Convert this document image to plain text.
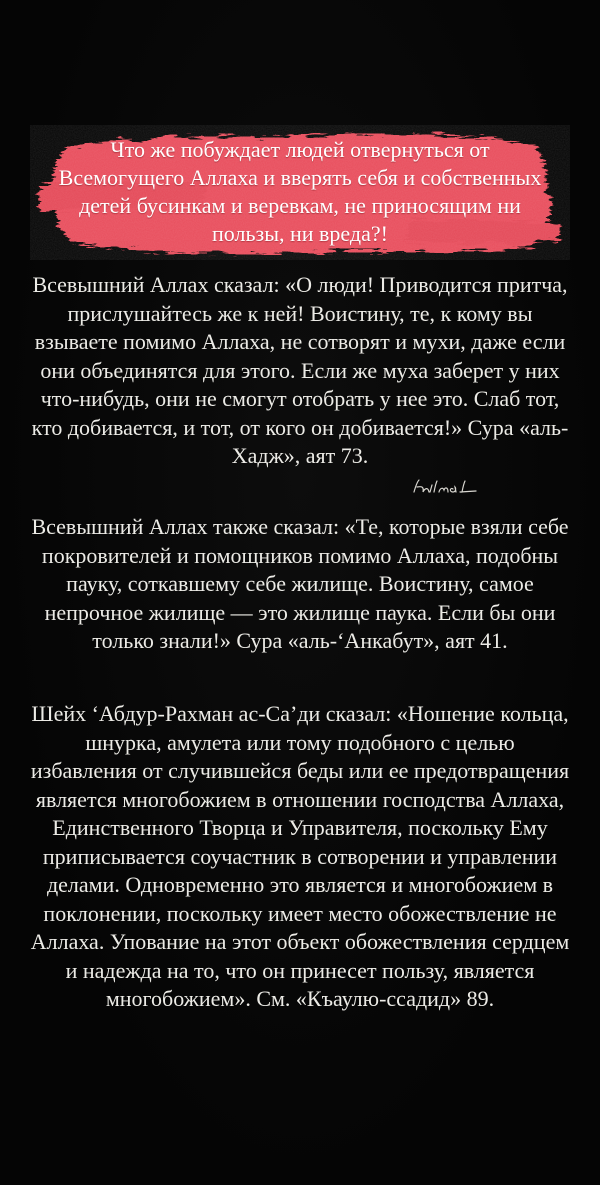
Что же побуждает людей отвернуться от Всемогущего Аллаха и вверять себя и собственных детей бусинкам и веревкам, не приносящим ни пользы, ни вреда?!

Всевышний Аллах сказал: «О люди! Приводится притча, прислушайтесь же к ней! Воистину, те, к кому вы взываете помимо Аллаха, не сотворят и мухи, даже если они объединятся для этого. Если же муха заберет у них что-нибудь, они не смогут отобрать у нее это. Слаб тот, кто добивается, и тот, от кого он добивается!» Сура «аль-Хадж», аят 73.

Всевышний Аллах также сказал: «Те, которые взяли себе покровителей и помощников помимо Аллаха, подобны пауку, соткавшему себе жилище. Воистину, самое непрочное жилище — это жилище паука. Если бы они только знали!» Сура «аль-‘Анкабут», аят 41.

Шейх ‘Абдур-Рахман ас-Са’ди сказал: «Ношение кольца, шнурка, амулета или тому подобного с целью избавления от случившейся беды или ее предотвращения является многобожием в отношении господства Аллаха, Единственного Творца и Управителя, поскольку Ему приписывается соучастник в сотворении и управлении делами. Одновременно это является и многобожием в поклонении, поскольку имеет место обожествление не Аллаха. Упование на этот объект обожествления сердцем и надежда на то, что он принесет пользу, является многобожием». См. «Къаулю-ссадид» 89.
